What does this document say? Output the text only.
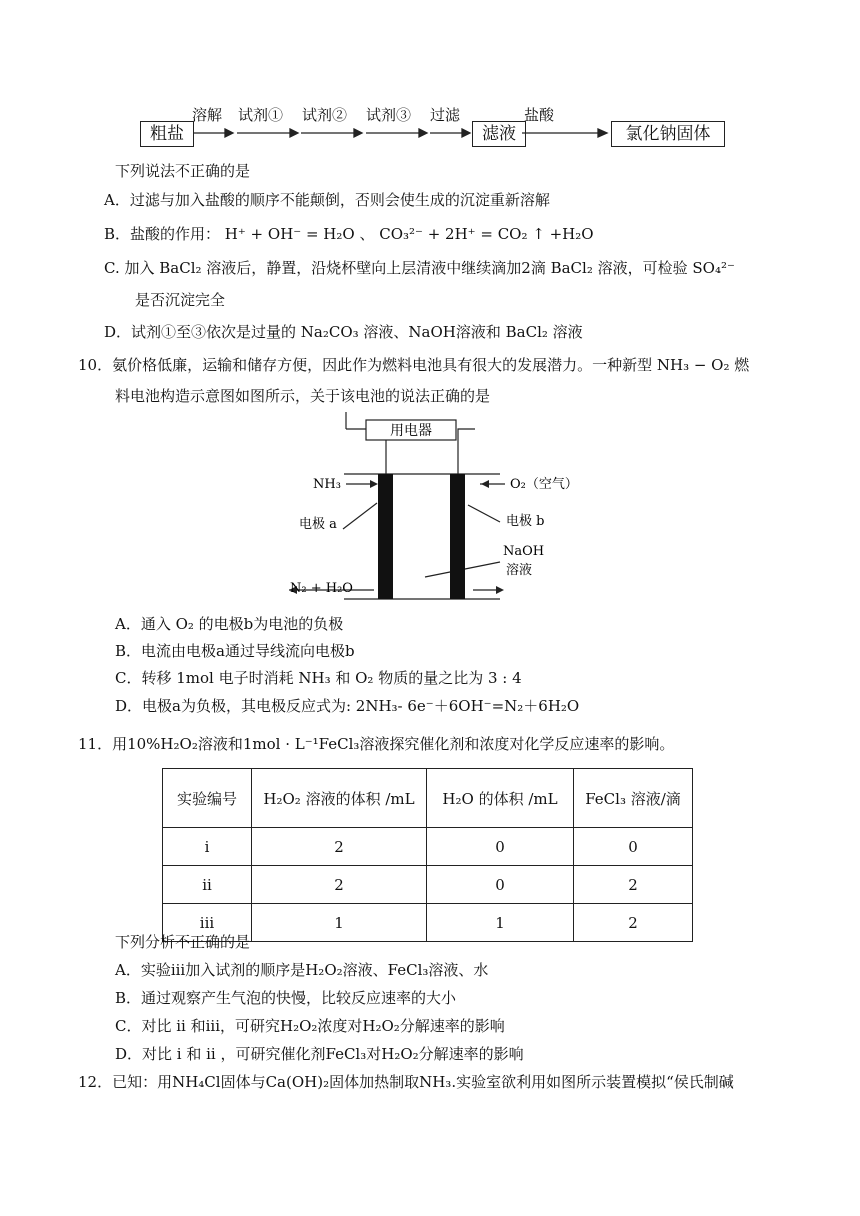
粗盐	滤液	氯化钠固体
溶解 试剂① 试剂② 试剂③ 过滤	盐酸
下列说法不正确的是
A．过滤与加入盐酸的顺序不能颠倒，否则会使生成的沉淀重新溶解
B．盐酸的作用： H⁺ + OH⁻ = H₂O 、 CO₃²⁻ + 2H⁺ = CO₂ ↑ +H₂O
C. 加入 BaCl₂ 溶液后，静置，沿烧杯壁向上层清液中继续滴加2滴 BaCl₂ 溶液，可检验 SO₄²⁻
是否沉淀完全
D．试剂①至③依次是过量的 Na₂CO₃ 溶液、NaOH溶液和 BaCl₂ 溶液
10．氨价格低廉，运输和储存方便，因此作为燃料电池具有很大的发展潜力。一种新型 NH₃ − O₂ 燃
料电池构造示意图如图所示，关于该电池的说法正确的是
用电器
NH₃	O₂（空气）
电极 a	电极 b
NaOH
溶液
N₂ + H₂O
A．通入 O₂ 的电极b为电池的负极
B．电流由电极a通过导线流向电极b
C．转移 1mol 电子时消耗 NH₃ 和 O₂ 物质的量之比为 3 : 4
D．电极a为负极，其电极反应式为: 2NH₃- 6e⁻＋6OH⁻=N₂＋6H₂O
11．用10%H₂O₂溶液和1mol · L⁻¹FeCl₃溶液探究催化剂和浓度对化学反应速率的影响。
实验编号	H₂O₂ 溶液的体积 /mL	H₂O 的体积 /mL	FeCl₃ 溶液/滴
i	2	0	0
ii	2	0	2
iii	1	1	2
下列分析不正确的是
A．实验iii加入试剂的顺序是H₂O₂溶液、FeCl₃溶液、水
B．通过观察产生气泡的快慢，比较反应速率的大小
C．对比 ii 和iii，可研究H₂O₂浓度对H₂O₂分解速率的影响
D．对比 i 和 ii ，可研究催化剂FeCl₃对H₂O₂分解速率的影响
12．已知：用NH₄Cl固体与Ca(OH)₂固体加热制取NH₃.实验室欲利用如图所示装置模拟“侯氏制碱
